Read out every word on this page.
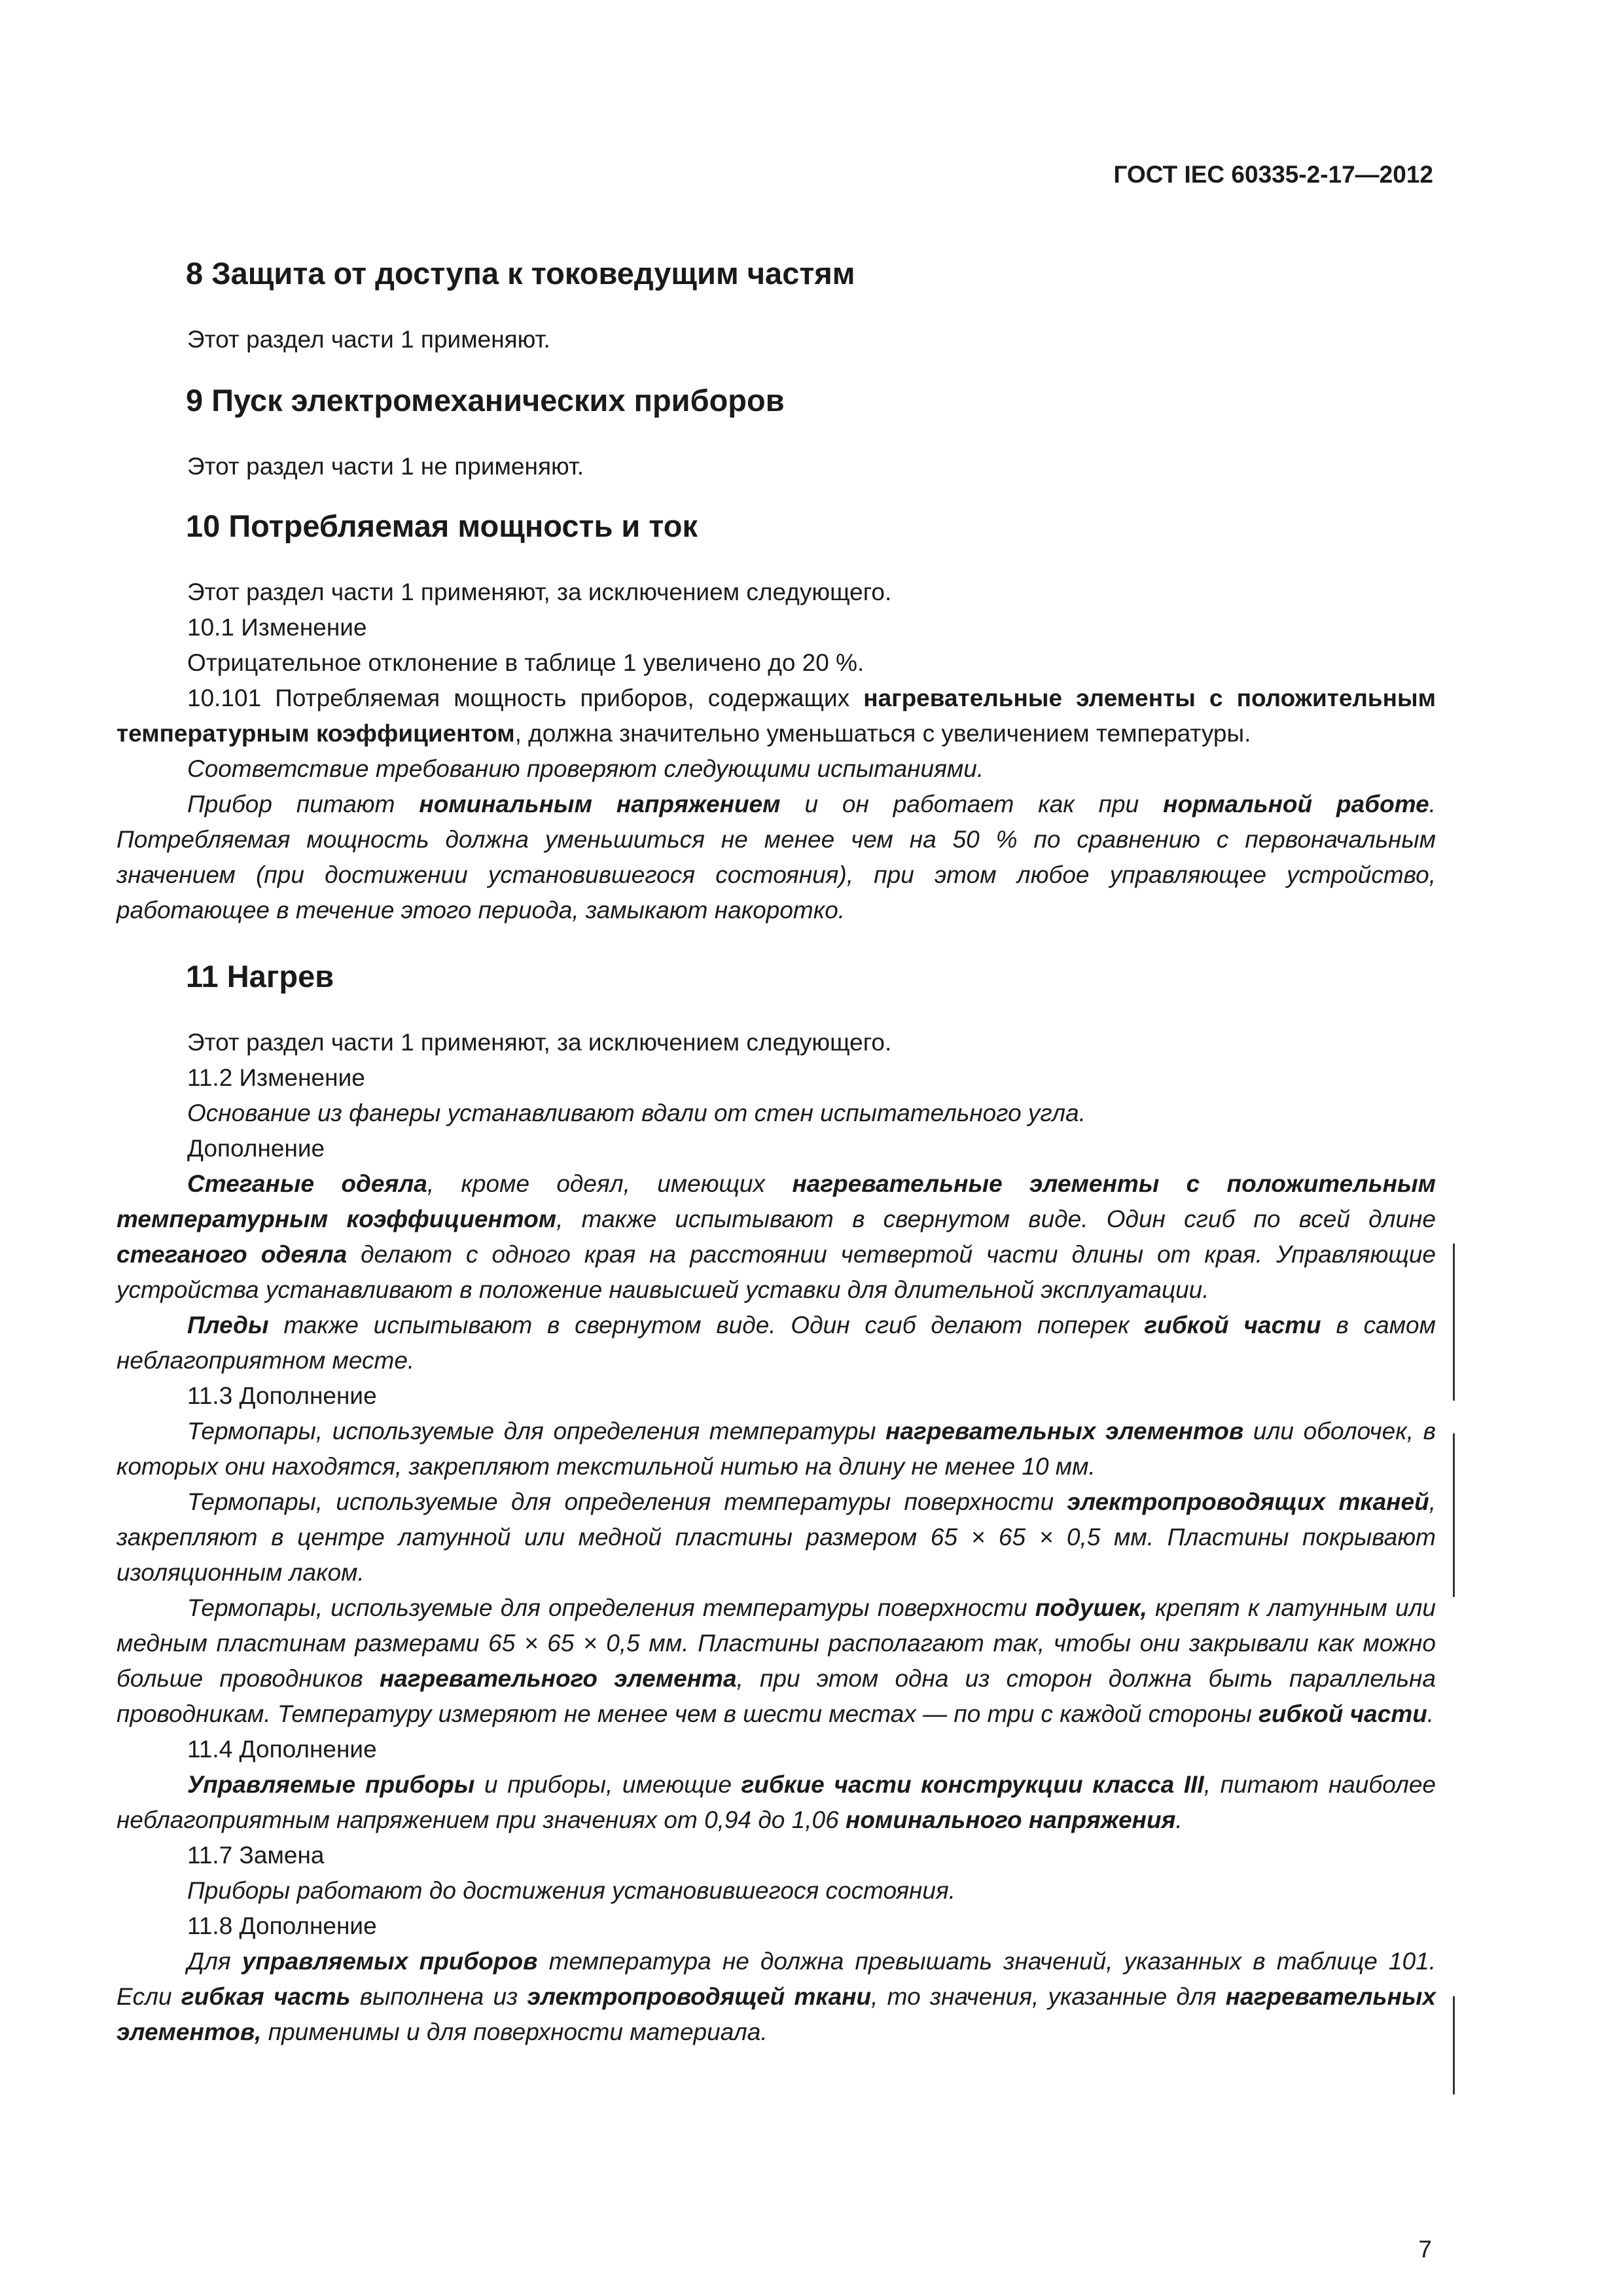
ГОСТ IEC 60335-2-17—2012
8 Защита от доступа к токоведущим частям

Этот раздел части 1 применяют.

9 Пуск электромеханических приборов

Этот раздел части 1 не применяют.

10 Потребляемая мощность и ток

Этот раздел части 1 применяют, за исключением следующего.

10.1 Изменение

Отрицательное отклонение в таблице 1 увеличено до 20 %.

10.101 Потребляемая мощность приборов, содержащих нагревательные элементы с положительным температурным коэффициентом, должна значительно уменьшаться с увеличением температуры.

Соответствие требованию проверяют следующими испытаниями.

Прибор питают номинальным напряжением и он работает как при нормальной работе. Потребляемая мощность должна уменьшиться не менее чем на 50 % по сравнению с первоначальным значением (при достижении установившегося состояния), при этом любое управляющее устройство, работающее в течение этого периода, замыкают накоротко.

11 Нагрев

Этот раздел части 1 применяют, за исключением следующего.

11.2 Изменение

Основание из фанеры устанавливают вдали от стен испытательного угла.

Дополнение

Стеганые одеяла, кроме одеял, имеющих нагревательные элементы с положительным температурным коэффициентом, также испытывают в свернутом виде. Один сгиб по всей длине стеганого одеяла делают с одного края на расстоянии четвертой части длины от края. Управляющие устройства устанавливают в положение наивысшей уставки для длительной эксплуатации.

Пледы также испытывают в свернутом виде. Один сгиб делают поперек гибкой части в самом неблагоприятном месте.

11.3 Дополнение

Термопары, используемые для определения температуры нагревательных элементов или оболочек, в которых они находятся, закрепляют текстильной нитью на длину не менее 10 мм.

Термопары, используемые для определения температуры поверхности электропроводящих тканей, закрепляют в центре латунной или медной пластины размером 65 × 65 × 0,5 мм. Пластины покрывают изоляционным лаком.

Термопары, используемые для определения температуры поверхности подушек, крепят к латунным или медным пластинам размерами 65 × 65 × 0,5 мм. Пластины располагают так, чтобы они закрывали как можно больше проводников нагревательного элемента, при этом одна из сторон должна быть параллельна проводникам. Температуру измеряют не менее чем в шести местах — по три с каждой стороны гибкой части.

11.4 Дополнение

Управляемые приборы и приборы, имеющие гибкие части конструкции класса III, питают наиболее неблагоприятным напряжением при значениях от 0,94 до 1,06 номинального напряжения.

11.7 Замена

Приборы работают до достижения установившегося состояния.

11.8 Дополнение

Для управляемых приборов температура не должна превышать значений, указанных в таблице 101. Если гибкая часть выполнена из электропроводящей ткани, то значения, указанные для нагревательных элементов, применимы и для поверхности материала.

7
